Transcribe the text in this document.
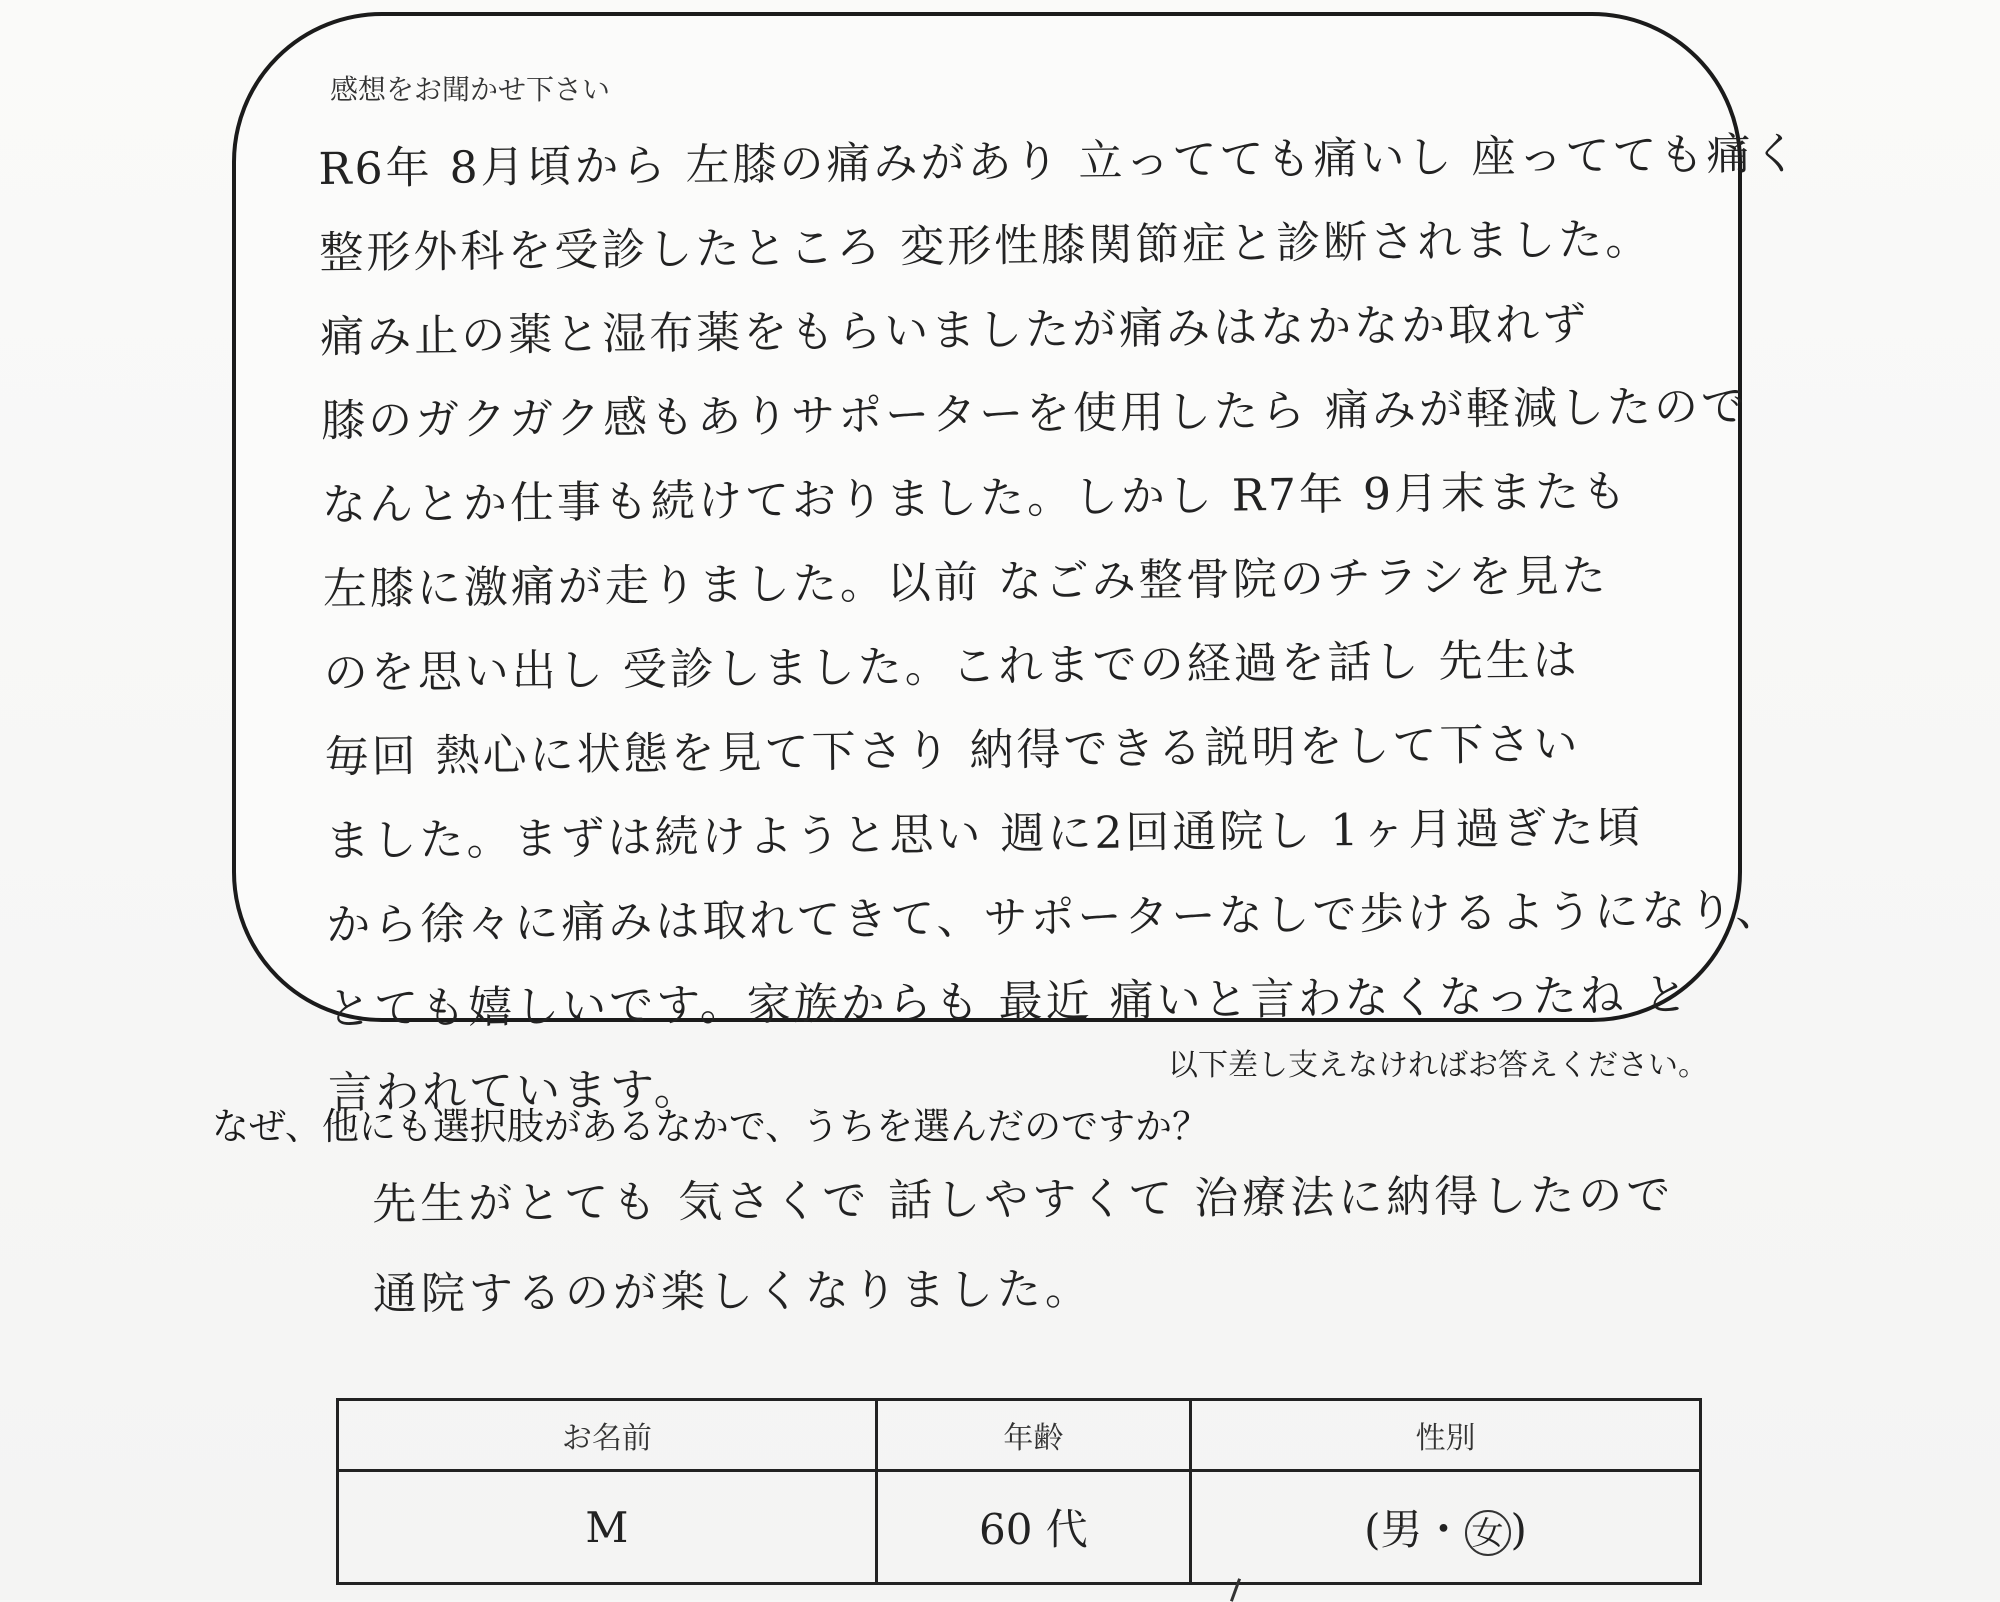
感想をお聞かせ下さい
R6年 8月頃から 左膝の痛みがあり 立ってても痛いし 座ってても痛く
整形外科を受診したところ 変形性膝関節症と診断されました。
痛み止の薬と湿布薬をもらいましたが痛みはなかなか取れず
膝のガクガク感もありサポーターを使用したら 痛みが軽減したので
なんとか仕事も続けておりました。しかし R7年 9月末またも
左膝に激痛が走りました。以前 なごみ整骨院のチラシを見た
のを思い出し 受診しました。これまでの経過を話し 先生は
毎回 熱心に状態を見て下さり 納得できる説明をして下さい
ました。まずは続けようと思い 週に2回通院し 1ヶ月過ぎた頃
から徐々に痛みは取れてきて、サポーターなしで歩けるようになり、
とても嬉しいです。家族からも 最近 痛いと言わなくなったね と
言われています。	以下差し支えなければお答えください。
なぜ、他にも選択肢があるなかで、うちを選んだのですか？
先生がとても 気さくで 話しやすくて 治療法に納得したので
通院するのが楽しくなりました。
お名前	年齢	性別
M	60 代	(男・ 女 )
